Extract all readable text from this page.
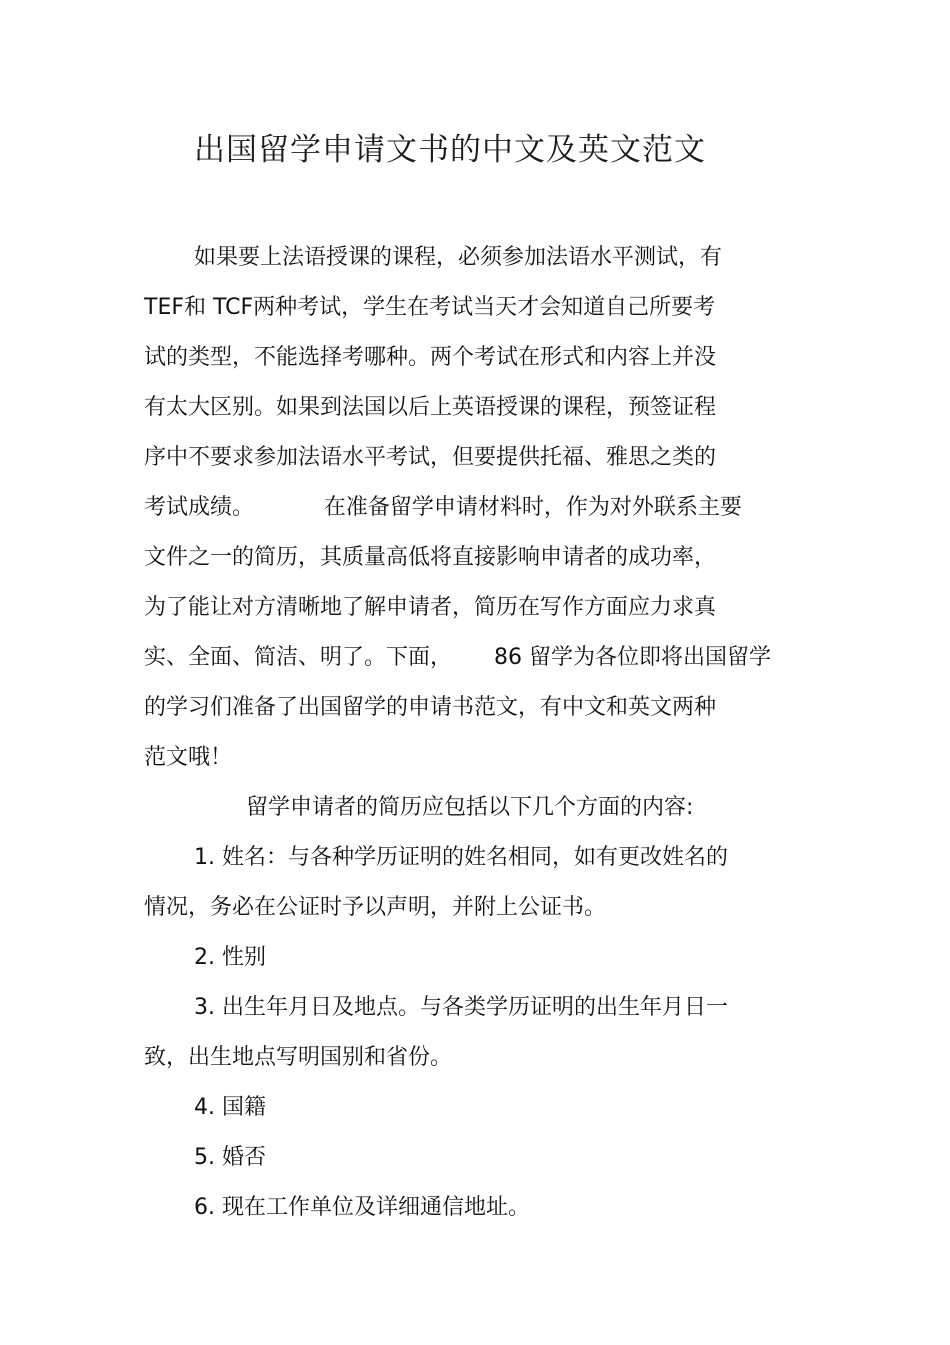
出国留学申请文书的中文及英文范文
如果要上法语授课的课程，必须参加法语水平测试，有
TEF和 TCF两种考试，学生在考试当天才会知道自己所要考
试的类型，不能选择考哪种。两个考试在形式和内容上并没
有太大区别。如果到法国以后上英语授课的课程，预签证程
序中不要求参加法语水平考试，但要提供托福、雅思之类的
考试成绩。          在准备留学申请材料时，作为对外联系主要
文件之一的简历，其质量高低将直接影响申请者的成功率，
为了能让对方清晰地了解申请者，简历在写作方面应力求真
实、全面、简洁、明了。下面，      86 留学为各位即将出国留学
的学习们准备了出国留学的申请书范文，有中文和英文两种
范文哦！
留学申请者的简历应包括以下几个方面的内容:
1. 姓名：与各种学历证明的姓名相同，如有更改姓名的
情况，务必在公证时予以声明，并附上公证书。
2. 性别
3. 出生年月日及地点。与各类学历证明的出生年月日一
致，出生地点写明国别和省份。
4. 国籍
5. 婚否
6. 现在工作单位及详细通信地址。
